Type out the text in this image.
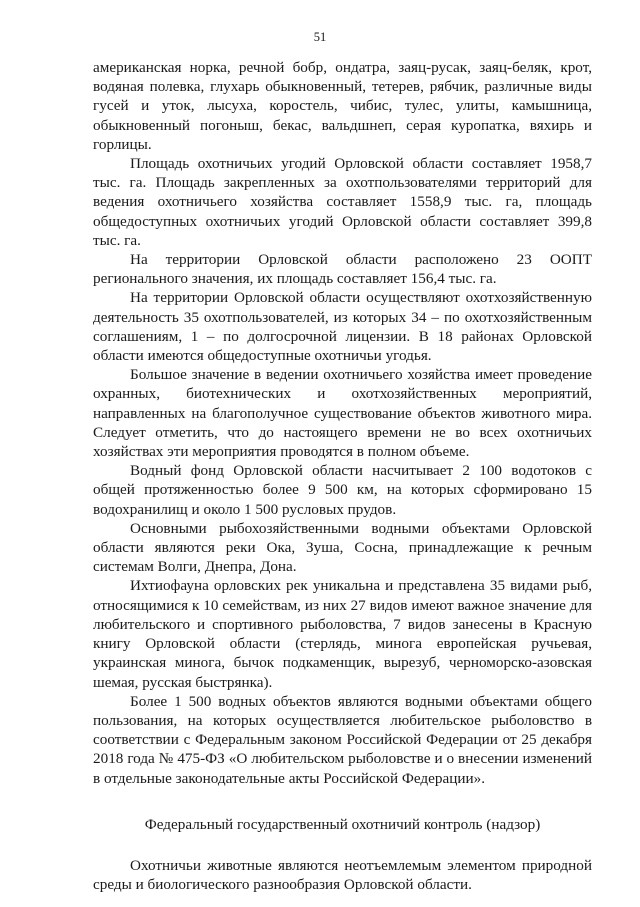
51

американская норка, речной бобр, ондатра, заяц-русак, заяц-беляк, крот, водяная полевка, глухарь обыкновенный, тетерев, рябчик, различные виды гусей и уток, лысуха, коростель, чибис, тулес, улиты, камышница, обыкновенный погоныш, бекас, вальдшнеп, серая куропатка, вяхирь и горлицы.

Площадь охотничьих угодий Орловской области составляет 1958,7 тыс. га. Площадь закрепленных за охотпользователями территорий для ведения охотничьего хозяйства составляет 1558,9 тыс. га, площадь общедоступных охотничьих угодий Орловской области составляет 399,8 тыс. га.

На территории Орловской области расположено 23 ООПТ регионального значения, их площадь составляет 156,4 тыс. га.

На территории Орловской области осуществляют охотхозяйственную деятельность 35 охотпользователей, из которых 34 – по охотхозяйственным соглашениям, 1 – по долгосрочной лицензии. В 18 районах Орловской области имеются общедоступные охотничьи угодья.

Большое значение в ведении охотничьего хозяйства имеет проведение охранных, биотехнических и охотхозяйственных мероприятий, направленных на благополучное существование объектов животного мира. Следует отметить, что до настоящего времени не во всех охотничьих хозяйствах эти мероприятия проводятся в полном объеме.

Водный фонд Орловской области насчитывает 2 100 водотоков с общей протяженностью более 9 500 км, на которых сформировано 15 водохранилищ и около 1 500 русловых прудов.

Основными рыбохозяйственными водными объектами Орловской области являются реки Ока, Зуша, Сосна, принадлежащие к речным системам Волги, Днепра, Дона.

Ихтиофауна орловских рек уникальна и представлена 35 видами рыб, относящимися к 10 семействам, из них 27 видов имеют важное значение для любительского и спортивного рыболовства, 7 видов занесены в Красную книгу Орловской области (стерлядь, минога европейская ручьевая, украинская минога, бычок подкаменщик, вырезуб, черноморско-азовская шемая, русская быстрянка).

Более 1 500 водных объектов являются водными объектами общего пользования, на которых осуществляется любительское рыболовство в соответствии с Федеральным законом Российской Федерации от 25 декабря 2018 года № 475-ФЗ «О любительском рыболовстве и о внесении изменений в отдельные законодательные акты Российской Федерации».

Федеральный государственный охотничий контроль (надзор)

Охотничьи животные являются неотъемлемым элементом природной среды и биологического разнообразия Орловской области.
